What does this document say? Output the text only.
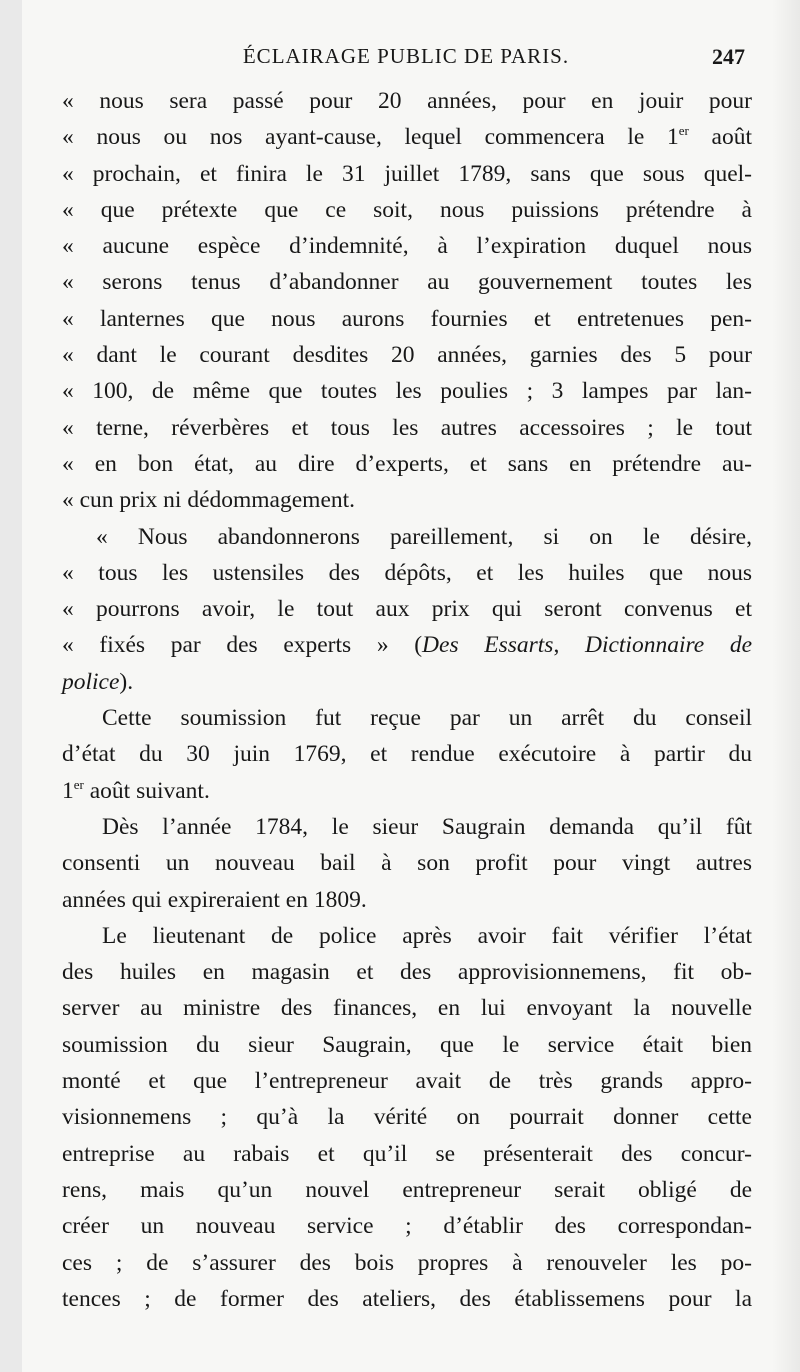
ÉCLAIRAGE PUBLIC DE PARIS.	247
« nous sera passé pour 20 années, pour en jouir pour
« nous ou nos ayant-cause, lequel commencera le 1er août
« prochain, et finira le 31 juillet 1789, sans que sous quel-
« que prétexte que ce soit, nous puissions prétendre à
« aucune espèce d’indemnité, à l’expiration duquel nous
« serons tenus d’abandonner au gouvernement toutes les
« lanternes que nous aurons fournies et entretenues pen-
« dant le courant desdites 20 années, garnies des 5 pour
« 100, de même que toutes les poulies ; 3 lampes par lan-
« terne, réverbères et tous les autres accessoires ; le tout
« en bon état, au dire d’experts, et sans en prétendre au-
« cun prix ni dédommagement.
« Nous abandonnerons pareillement, si on le désire,
« tous les ustensiles des dépôts, et les huiles que nous
« pourrons avoir, le tout aux prix qui seront convenus et
« fixés par des experts » (Des Essarts, Dictionnaire de
police).
Cette soumission fut reçue par un arrêt du conseil
d’état du 30 juin 1769, et rendue exécutoire à partir du
1er août suivant.
Dès l’année 1784, le sieur Saugrain demanda qu’il fût
consenti un nouveau bail à son profit pour vingt autres
années qui expireraient en 1809.
Le lieutenant de police après avoir fait vérifier l’état
des huiles en magasin et des approvisionnemens, fit ob-
server au ministre des finances, en lui envoyant la nouvelle
soumission du sieur Saugrain, que le service était bien
monté et que l’entrepreneur avait de très grands appro-
visionnemens ; qu’à la vérité on pourrait donner cette
entreprise au rabais et qu’il se présenterait des concur-
rens, mais qu’un nouvel entrepreneur serait obligé de
créer un nouveau service ; d’établir des correspondan-
ces ; de s’assurer des bois propres à renouveler les po-
tences ; de former des ateliers, des établissemens pour la
